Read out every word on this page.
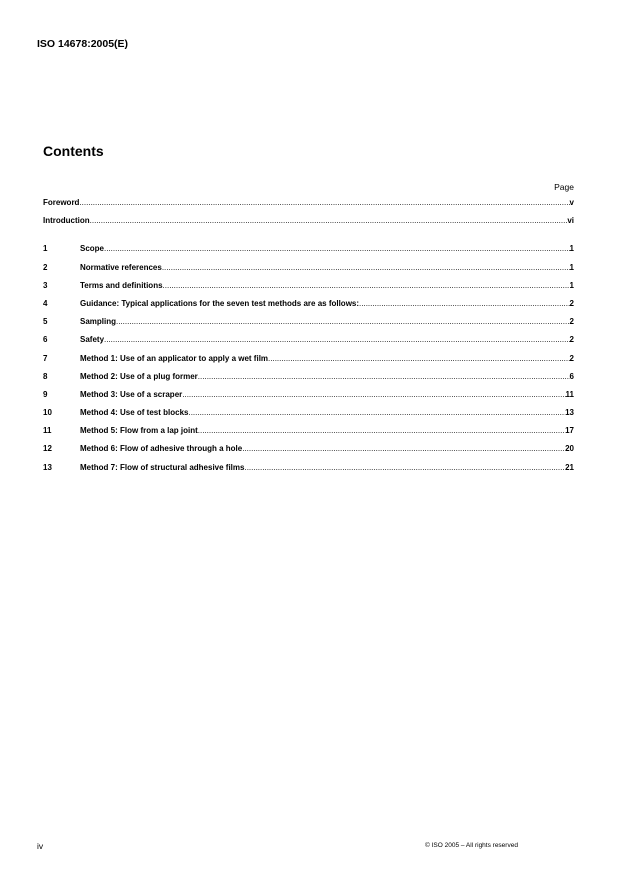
ISO 14678:2005(E)
Contents
Page
Foreword .....	v
Introduction .....	vi
1	Scope .....	1
2	Normative references .....	1
3	Terms and definitions .....	1
4	Guidance: Typical applications for the seven test methods are as follows: .....	2
5	Sampling .....	2
6	Safety .....	2
7	Method 1: Use of an applicator to apply a wet film .....	2
8	Method 2: Use of a plug former .....	6
9	Method 3: Use of a scraper .....	11
10	Method 4: Use of test blocks .....	13
11	Method 5: Flow from a lap joint .....	17
12	Method 6: Flow of adhesive through a hole .....	20
13	Method 7: Flow of structural adhesive films .....	21
iv	© ISO 2005 – All rights reserved
